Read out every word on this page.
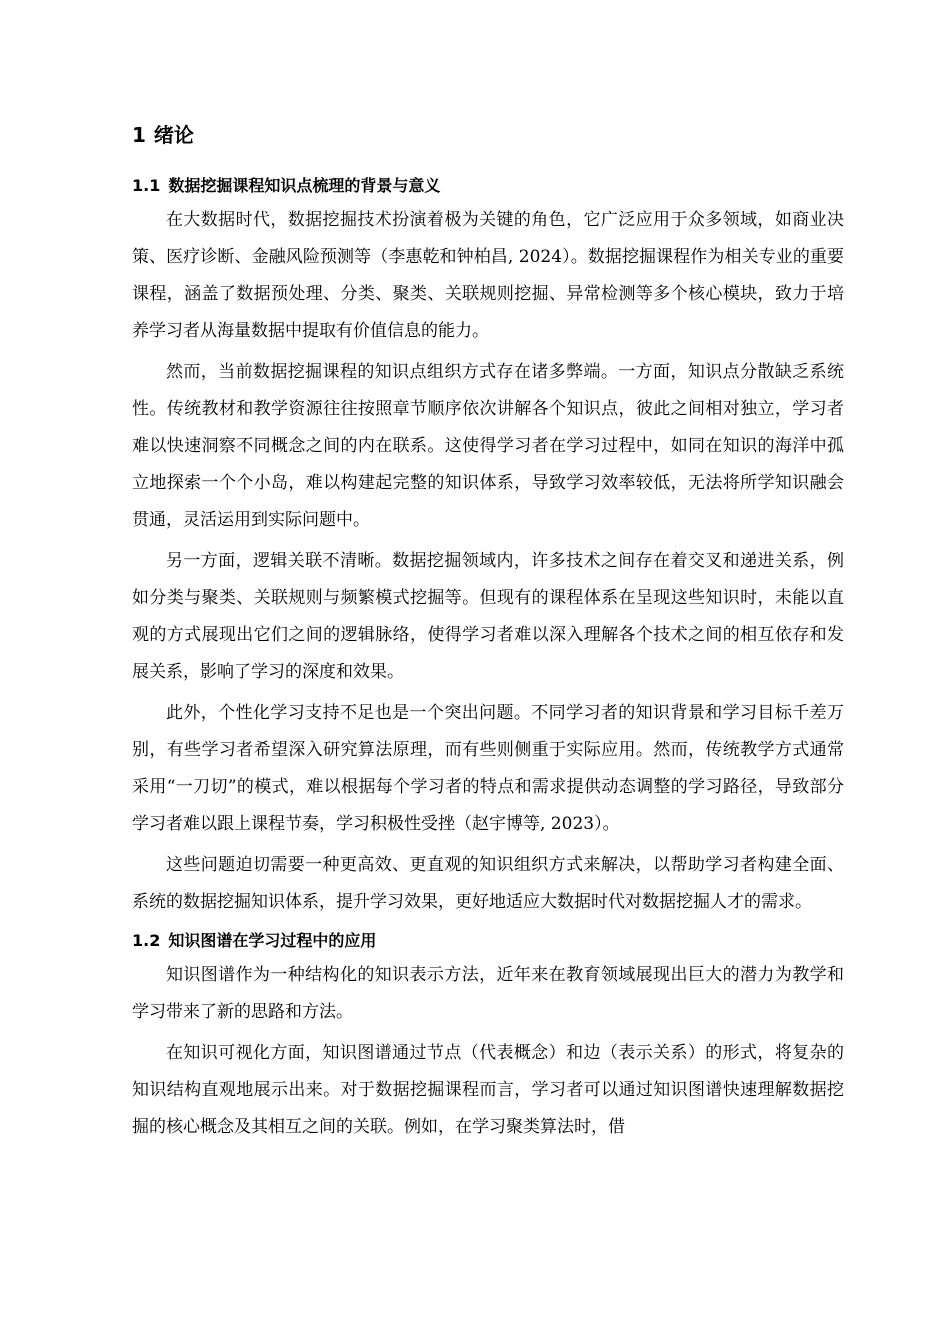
1 绪论
1.1 数据挖掘课程知识点梳理的背景与意义

在大数据时代，数据挖掘技术扮演着极为关键的角色，它广泛应用于众多领域，如商业决策、医疗诊断、金融风险预测等（李惠乾和钟柏昌, 2024）。数据挖掘课程作为相关专业的重要课程，涵盖了数据预处理、分类、聚类、关联规则挖掘、异常检测等多个核心模块，致力于培养学习者从海量数据中提取有价值信息的能力。

然而，当前数据挖掘课程的知识点组织方式存在诸多弊端。一方面，知识点分散缺乏系统性。传统教材和教学资源往往按照章节顺序依次讲解各个知识点，彼此之间相对独立，学习者难以快速洞察不同概念之间的内在联系。这使得学习者在学习过程中，如同在知识的海洋中孤立地探索一个个小岛，难以构建起完整的知识体系，导致学习效率较低，无法将所学知识融会贯通，灵活运用到实际问题中。

另一方面，逻辑关联不清晰。数据挖掘领域内，许多技术之间存在着交叉和递进关系，例如分类与聚类、关联规则与频繁模式挖掘等。但现有的课程体系在呈现这些知识时，未能以直观的方式展现出它们之间的逻辑脉络，使得学习者难以深入理解各个技术之间的相互依存和发展关系，影响了学习的深度和效果。

此外，个性化学习支持不足也是一个突出问题。不同学习者的知识背景和学习目标千差万别，有些学习者希望深入研究算法原理，而有些则侧重于实际应用。然而，传统教学方式通常采用“一刀切”的模式，难以根据每个学习者的特点和需求提供动态调整的学习路径，导致部分学习者难以跟上课程节奏，学习积极性受挫（赵宇博等, 2023）。

这些问题迫切需要一种更高效、更直观的知识组织方式来解决，以帮助学习者构建全面、系统的数据挖掘知识体系，提升学习效果，更好地适应大数据时代对数据挖掘人才的需求。

1.2 知识图谱在学习过程中的应用

知识图谱作为一种结构化的知识表示方法，近年来在教育领域展现出巨大的潜力为教学和学习带来了新的思路和方法。

在知识可视化方面，知识图谱通过节点（代表概念）和边（表示关系）的形式，将复杂的知识结构直观地展示出来。对于数据挖掘课程而言，学习者可以通过知识图谱快速理解数据挖掘的核心概念及其相互之间的关联。例如，在学习聚类算法时，借
